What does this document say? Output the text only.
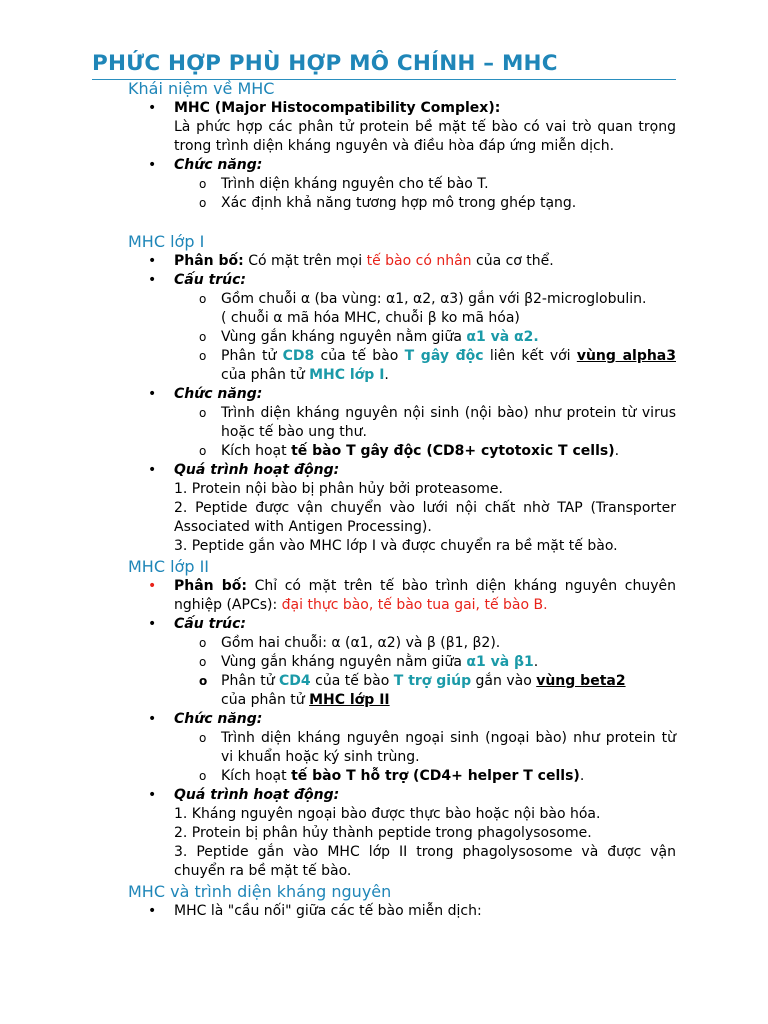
PHỨC HỢP PHÙ HỢP MÔ CHÍNH – MHC
Khái niệm về MHC
• MHC (Major Histocompatibility Complex):
Là phức hợp các phân tử protein bề mặt tế bào có vai trò quan trọng trong trình diện kháng nguyên và điều hòa đáp ứng miễn dịch.
• Chức năng:
o Trình diện kháng nguyên cho tế bào T.
o Xác định khả năng tương hợp mô trong ghép tạng.
MHC lớp I
• Phân bố: Có mặt trên mọi tế bào có nhân của cơ thể.
• Cấu trúc:
o Gồm chuỗi α (ba vùng: α1, α2, α3) gắn với β2-microglobulin.
( chuỗi α mã hóa MHC, chuỗi β ko mã hóa)
o Vùng gắn kháng nguyên nằm giữa α1 và α2.
o Phân tử CD8 của tế bào T gây độc liên kết với vùng alpha3 của phân tử MHC lớp I.
• Chức năng:
o Trình diện kháng nguyên nội sinh (nội bào) như protein từ virus hoặc tế bào ung thư.
o Kích hoạt tế bào T gây độc (CD8+ cytotoxic T cells).
• Quá trình hoạt động:
1. Protein nội bào bị phân hủy bởi proteasome.
2. Peptide được vận chuyển vào lưới nội chất nhờ TAP (Transporter Associated with Antigen Processing).
3. Peptide gắn vào MHC lớp I và được chuyển ra bề mặt tế bào.
MHC lớp II
• Phân bố: Chỉ có mặt trên tế bào trình diện kháng nguyên chuyên nghiệp (APCs): đại thực bào, tế bào tua gai, tế bào B.
• Cấu trúc:
o Gồm hai chuỗi: α (α1, α2) và β (β1, β2).
o Vùng gắn kháng nguyên nằm giữa α1 và β1.
o Phân tử CD4 của tế bào T trợ giúp gắn vào vùng beta2
của phân tử MHC lớp II
• Chức năng:
o Trình diện kháng nguyên ngoại sinh (ngoại bào) như protein từ vi khuẩn hoặc ký sinh trùng.
o Kích hoạt tế bào T hỗ trợ (CD4+ helper T cells).
• Quá trình hoạt động:
1. Kháng nguyên ngoại bào được thực bào hoặc nội bào hóa.
2. Protein bị phân hủy thành peptide trong phagolysosome.
3. Peptide gắn vào MHC lớp II trong phagolysosome và được vận chuyển ra bề mặt tế bào.
MHC và trình diện kháng nguyên
• MHC là "cầu nối" giữa các tế bào miễn dịch:
